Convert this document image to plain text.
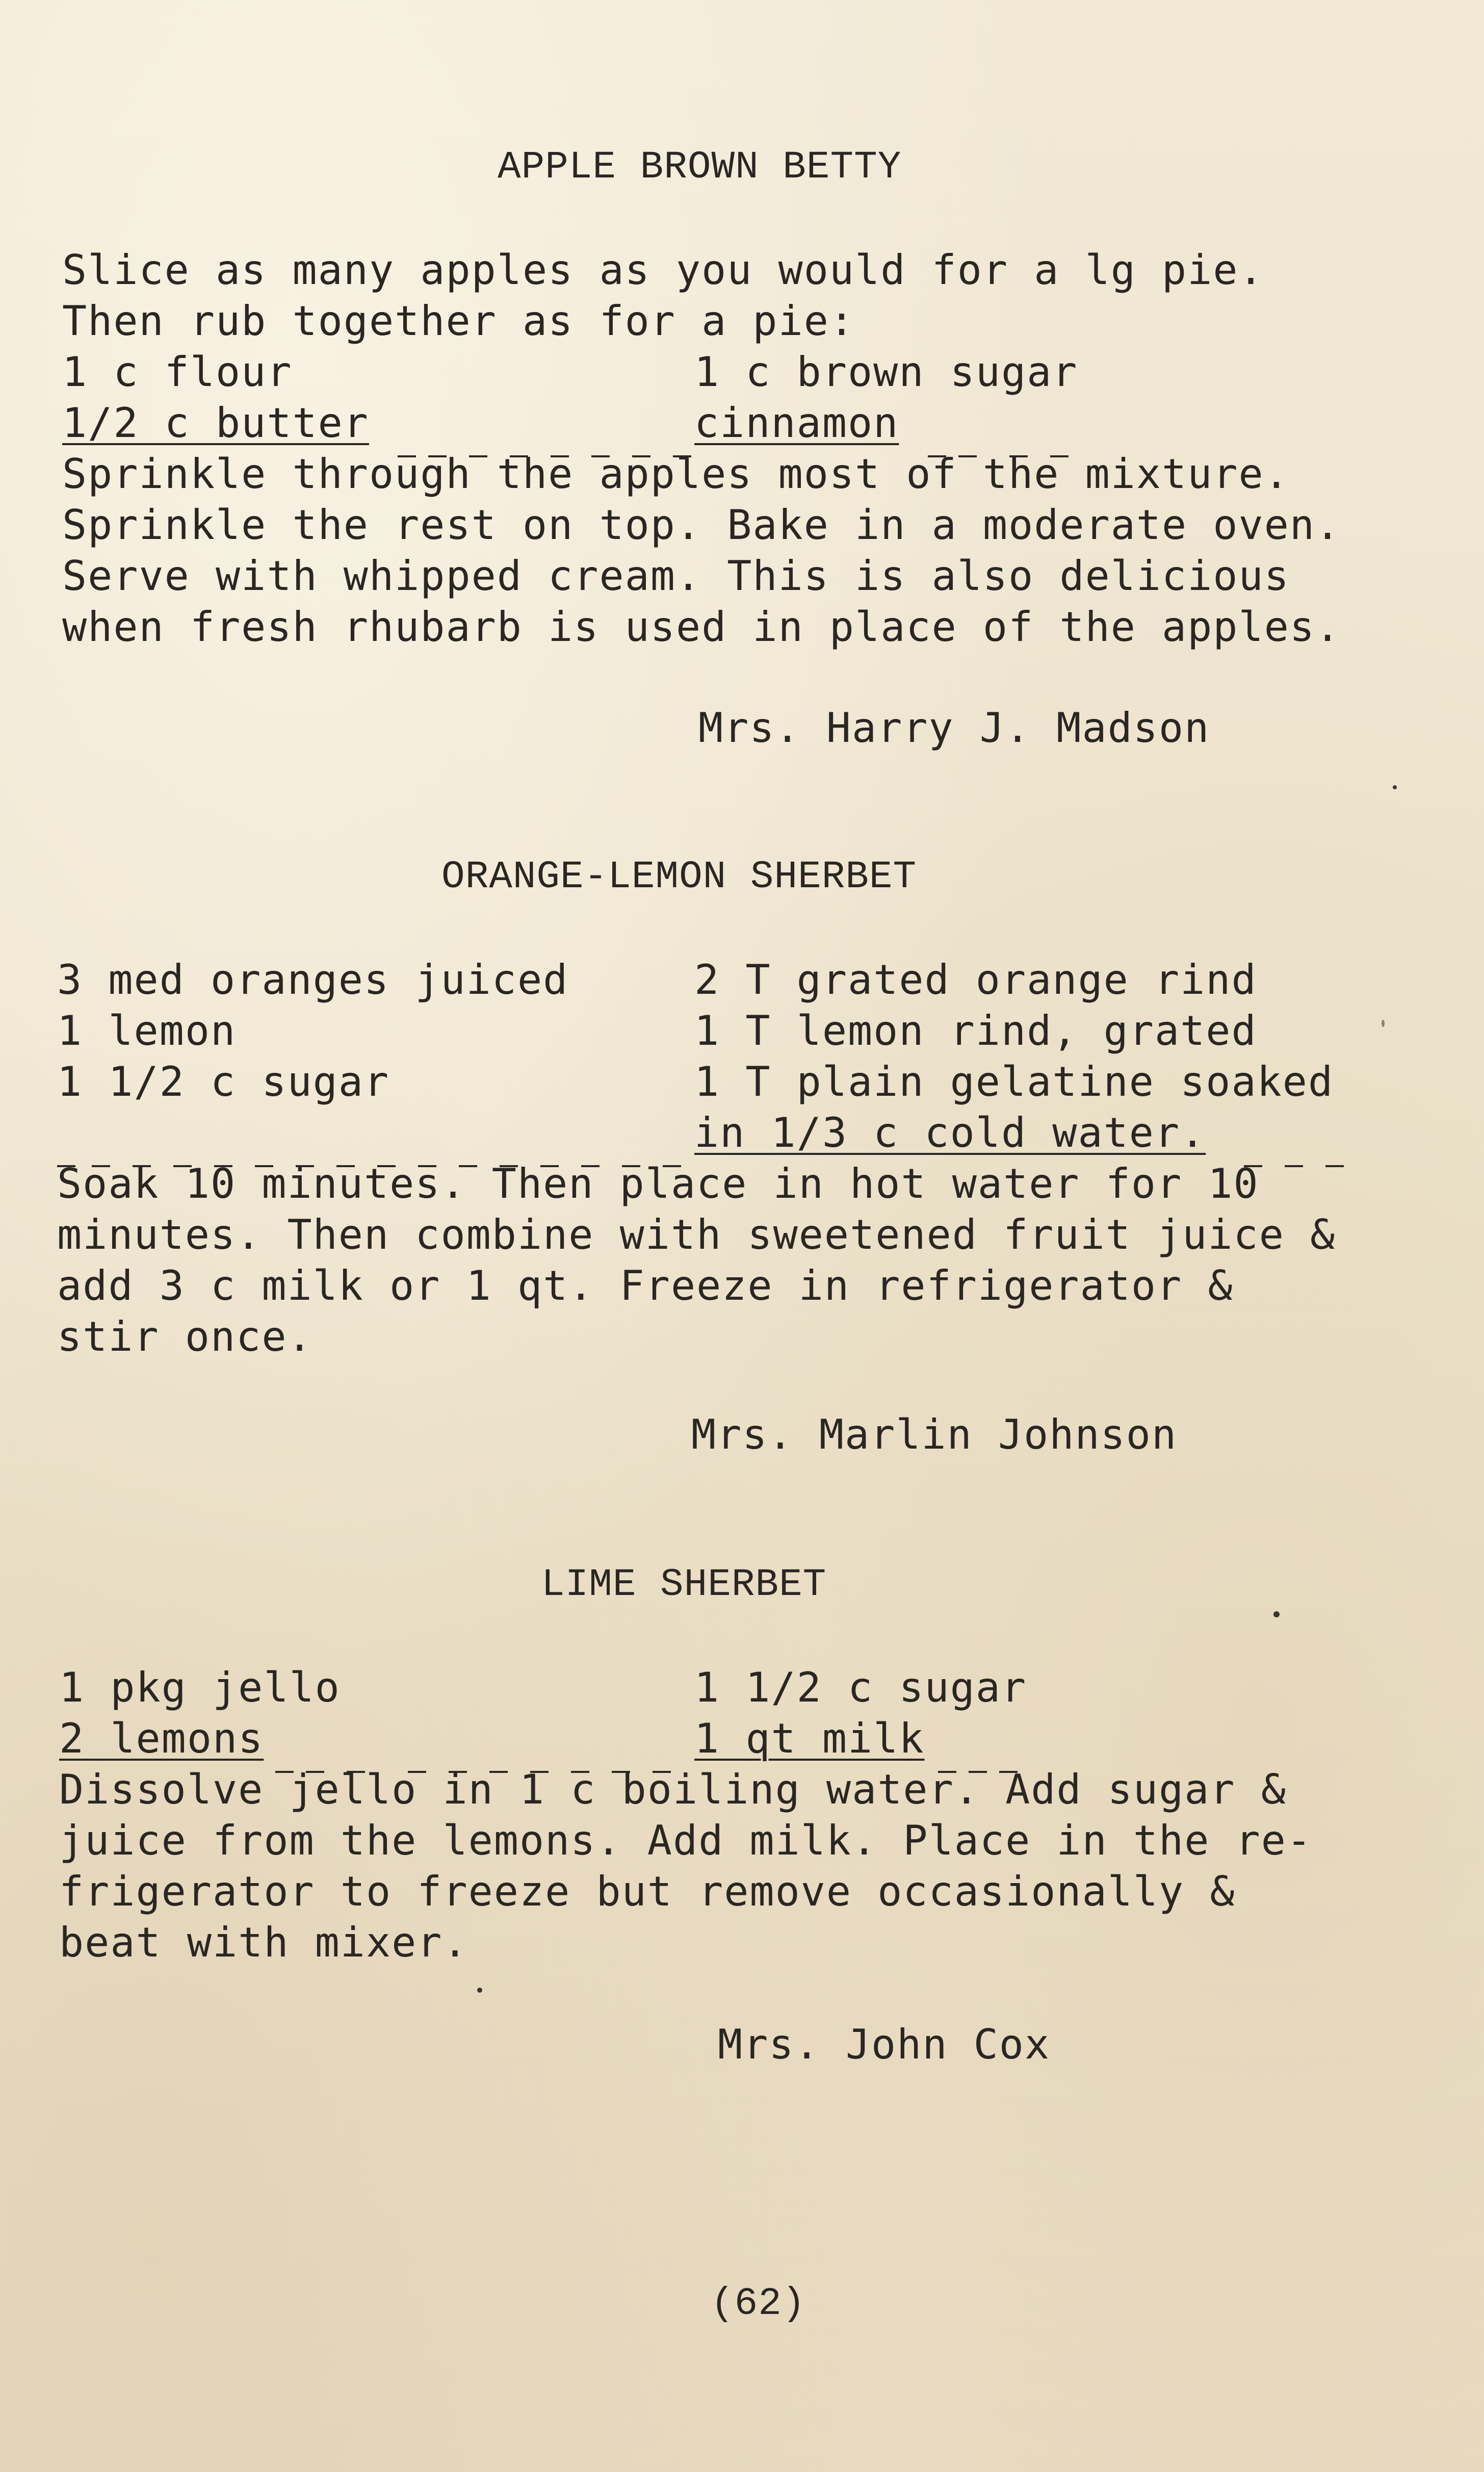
APPLE BROWN BETTY
Slice as many apples as you would for a lg pie.
Then rub together as for a pie:
1 c flour	1 c brown sugar
1/2 c butter	cinnamon
Sprinkle through the apples most of the mixture.
Sprinkle the rest on top. Bake in a moderate oven.
Serve with whipped cream. This is also delicious
when fresh rhubarb is used in place of the apples.
Mrs. Harry J. Madson
ORANGE-LEMON SHERBET
3 med oranges juiced	2 T grated orange rind
1 lemon	1 T lemon rind, grated
1 1/2 c sugar	1 T plain gelatine soaked
in 1/3 c cold water.
Soak 10 minutes. Then place in hot water for 10
minutes. Then combine with sweetened fruit juice &
add 3 c milk or 1 qt. Freeze in refrigerator &
stir once.
Mrs. Marlin Johnson
LIME SHERBET
1 pkg jello	1 1/2 c sugar
2 lemons	1 qt milk
Dissolve jello in 1 c boiling water. Add sugar &
juice from the lemons. Add milk. Place in the re-
frigerator to freeze but remove occasionally &
beat with mixer.
Mrs. John Cox
(62)
